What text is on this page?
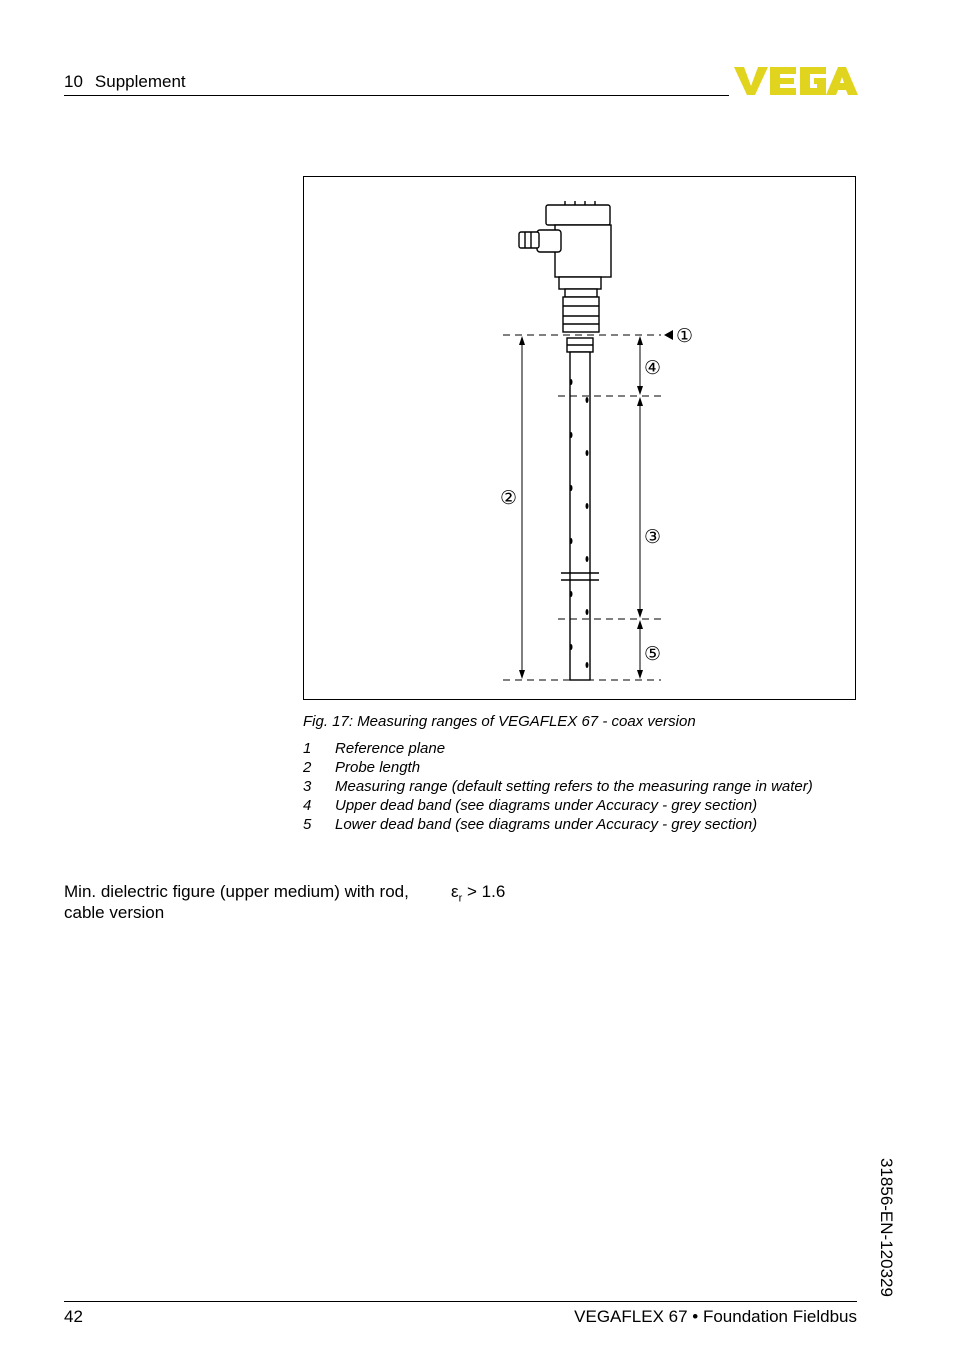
10 Supplement
①
②
③
④
⑤
Fig. 17: Measuring ranges of VEGAFLEX 67 - coax version
1 Reference plane
2 Probe length
3 Measuring range (default setting refers to the measuring range in water)
4 Upper dead band (see diagrams under Accuracy - grey section)
5 Lower dead band (see diagrams under Accuracy - grey section)
Min. dielectric figure (upper medium) with rod, cable version
$\varepsilon_r > 1.6$
31856-EN-120329
42	VEGAFLEX 67 • Foundation Fieldbus
